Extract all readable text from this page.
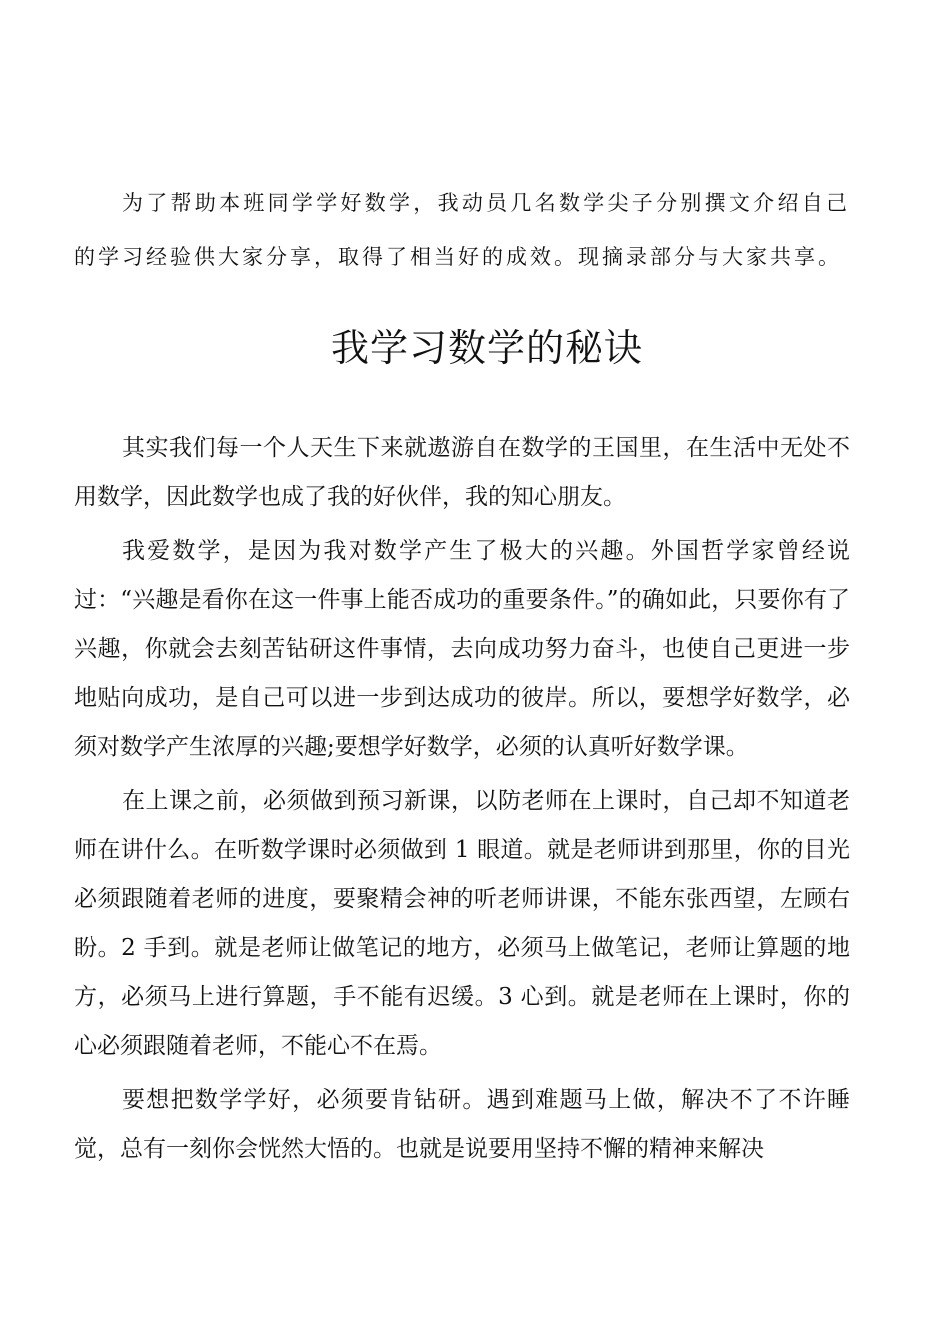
为了帮助本班同学学好数学，我动员几名数学尖子分别撰文介绍自己的学习经验供大家分享，取得了相当好的成效。现摘录部分与大家共享。

我学习数学的秘诀

其实我们每一个人天生下来就遨游自在数学的王国里，在生活中无处不用数学，因此数学也成了我的好伙伴，我的知心朋友。

我爱数学，是因为我对数学产生了极大的兴趣。外国哲学家曾经说过：“兴趣是看你在这一件事上能否成功的重要条件。”的确如此，只要你有了兴趣，你就会去刻苦钻研这件事情，去向成功努力奋斗，也使自己更进一步地贴向成功，是自己可以进一步到达成功的彼岸。所以，要想学好数学，必须对数学产生浓厚的兴趣;要想学好数学，必须的认真听好数学课。

在上课之前，必须做到预习新课，以防老师在上课时，自己却不知道老师在讲什么。在听数学课时必须做到 1 眼道。就是老师讲到那里，你的目光必须跟随着老师的进度，要聚精会神的听老师讲课，不能东张西望，左顾右盼。2 手到。就是老师让做笔记的地方，必须马上做笔记，老师让算题的地方，必须马上进行算题，手不能有迟缓。3 心到。就是老师在上课时，你的心必须跟随着老师，不能心不在焉。

要想把数学学好，必须要肯钻研。遇到难题马上做，解决不了不许睡觉，总有一刻你会恍然大悟的。也就是说要用坚持不懈的精神来解决
